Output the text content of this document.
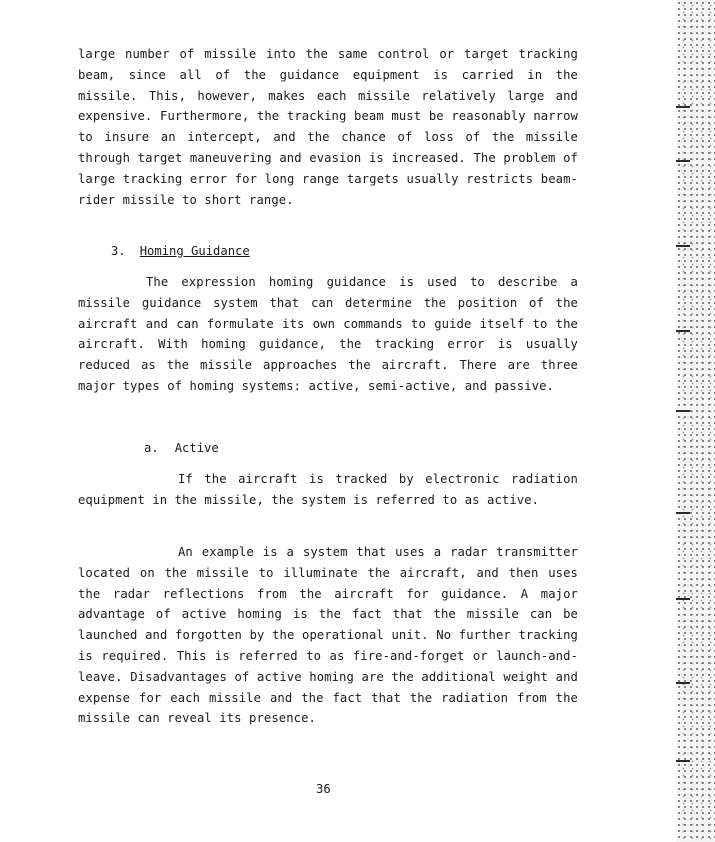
large number of missile into the same control or target tracking beam, since all of the guidance equipment is carried in the missile. This, however, makes each missile relatively large and expensive. Furthermore, the tracking beam must be reasonably narrow to insure an intercept, and the chance of loss of the missile through target maneuvering and evasion is increased. The problem of large tracking error for long range targets usually restricts beam-rider missile to short range.
3. Homing Guidance
The expression homing guidance is used to describe a missile guidance system that can determine the position of the aircraft and can formulate its own commands to guide itself to the aircraft. With homing guidance, the tracking error is usually reduced as the missile approaches the aircraft. There are three major types of homing systems: active, semi-active, and passive.
a. Active
If the aircraft is tracked by electronic radiation equipment in the missile, the system is referred to as active.
An example is a system that uses a radar transmitter located on the missile to illuminate the aircraft, and then uses the radar reflections from the aircraft for guidance. A major advantage of active homing is the fact that the missile can be launched and forgotten by the operational unit. No further tracking is required. This is referred to as fire-and-forget or launch-and-leave. Disadvantages of active homing are the additional weight and expense for each missile and the fact that the radiation from the missile can reveal its presence.
36
